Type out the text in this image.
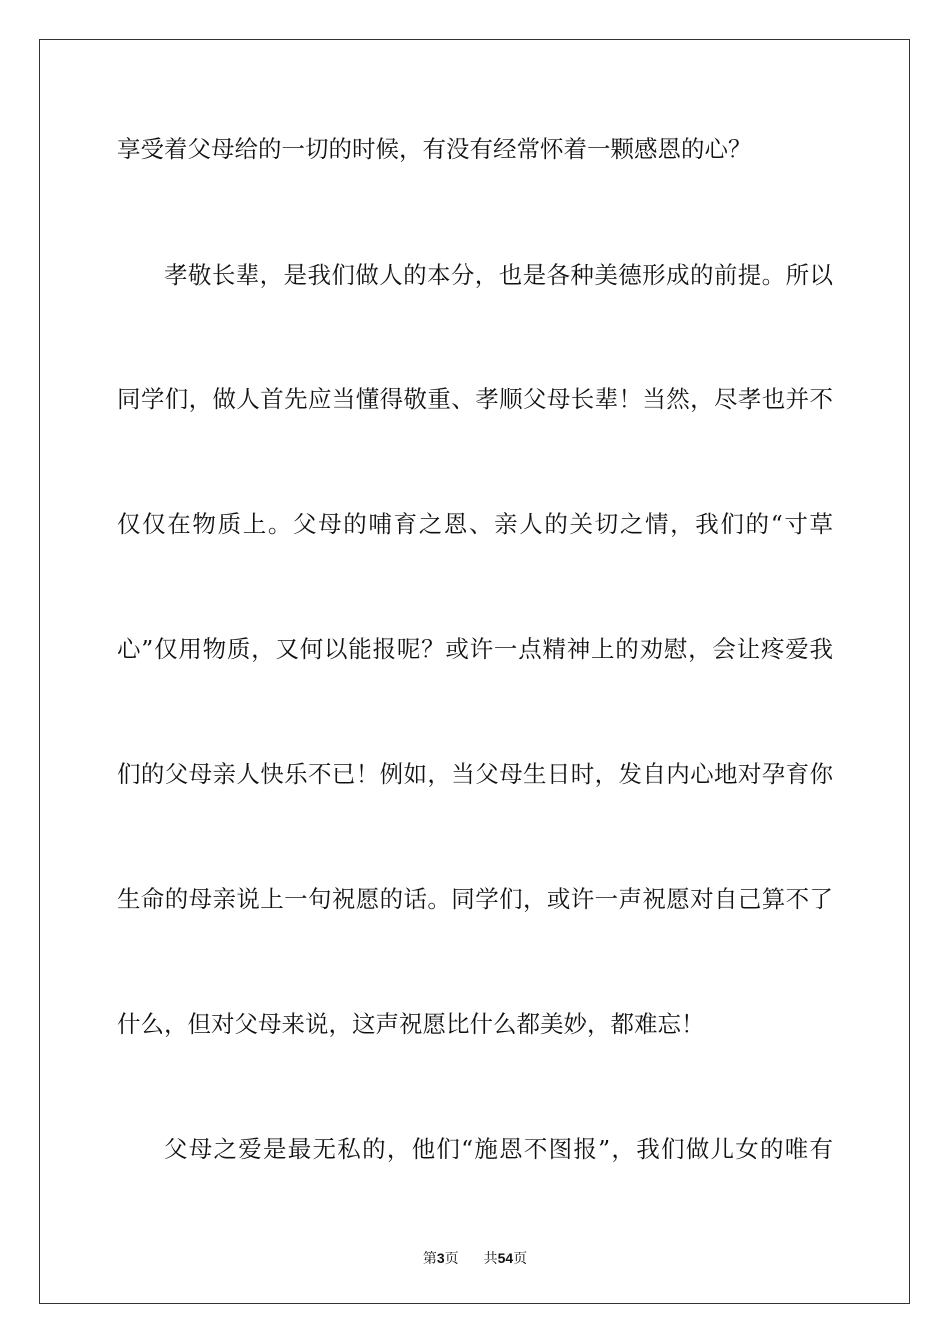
享受着父母给的一切的时候，有没有经常怀着一颗感恩的心？
孝敬长辈，是我们做人的本分，也是各种美德形成的前提。所以
同学们，做人首先应当懂得敬重、孝顺父母长辈！当然，尽孝也并不
仅仅在物质上。父母的哺育之恩、亲人的关切之情，我们的“寸草
心”仅用物质，又何以能报呢？或许一点精神上的劝慰，会让疼爱我
们的父母亲人快乐不已！例如，当父母生日时，发自内心地对孕育你
生命的母亲说上一句祝愿的话。同学们，或许一声祝愿对自己算不了
什么，但对父母来说，这声祝愿比什么都美妙，都难忘！
父母之爱是最无私的，他们“施恩不图报”，我们做儿女的唯有
第3页 共54页
